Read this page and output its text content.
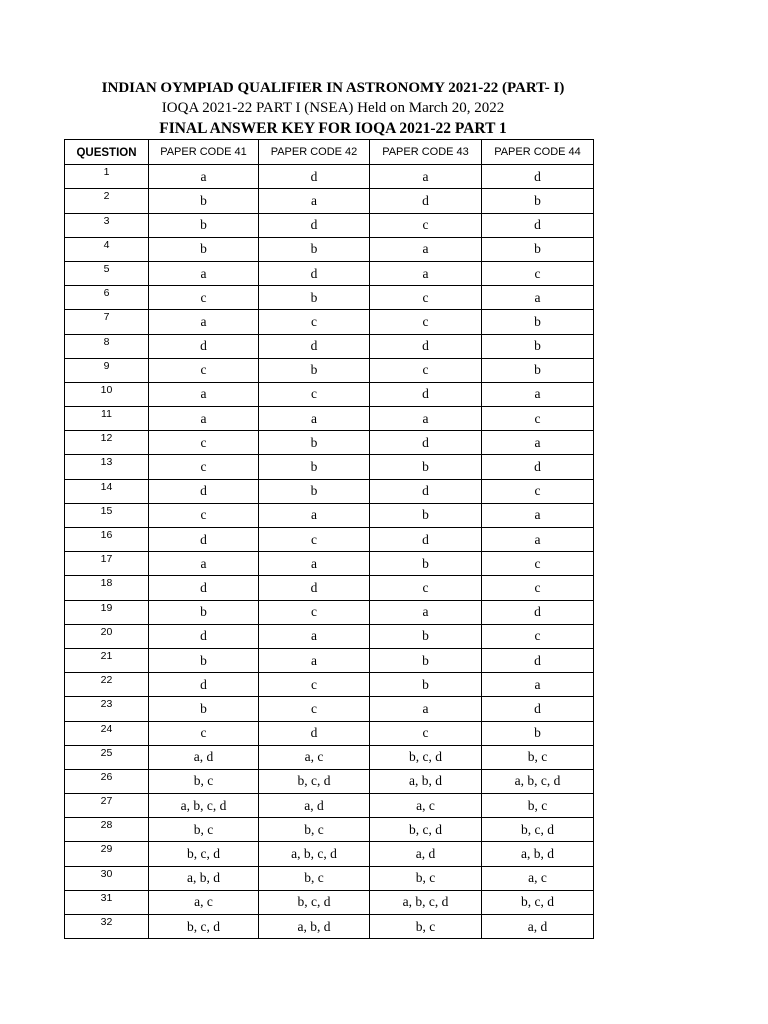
INDIAN OYMPIAD QUALIFIER IN ASTRONOMY 2021-22 (PART- I)

IOQA 2021-22 PART I (NSEA) Held on March 20, 2022

FINAL ANSWER KEY FOR IOQA 2021-22 PART 1
QUESTION	PAPER CODE 41	PAPER CODE 42	PAPER CODE 43	PAPER CODE 44
1	a	d	a	d
2	b	a	d	b
3	b	d	c	d
4	b	b	a	b
5	a	d	a	c
6	c	b	c	a
7	a	c	c	b
8	d	d	d	b
9	c	b	c	b
10	a	c	d	a
11	a	a	a	c
12	c	b	d	a
13	c	b	b	d
14	d	b	d	c
15	c	a	b	a
16	d	c	d	a
17	a	a	b	c
18	d	d	c	c
19	b	c	a	d
20	d	a	b	c
21	b	a	b	d
22	d	c	b	a
23	b	c	a	d
24	c	d	c	b
25	a, d	a, c	b, c, d	b, c
26	b, c	b, c, d	a, b, d	a, b, c, d
27	a, b, c, d	a, d	a, c	b, c
28	b, c	b, c	b, c, d	b, c, d
29	b, c, d	a, b, c, d	a, d	a, b, d
30	a, b, d	b, c	b, c	a, c
31	a, c	b, c, d	a, b, c, d	b, c, d
32	b, c, d	a, b, d	b, c	a, d
